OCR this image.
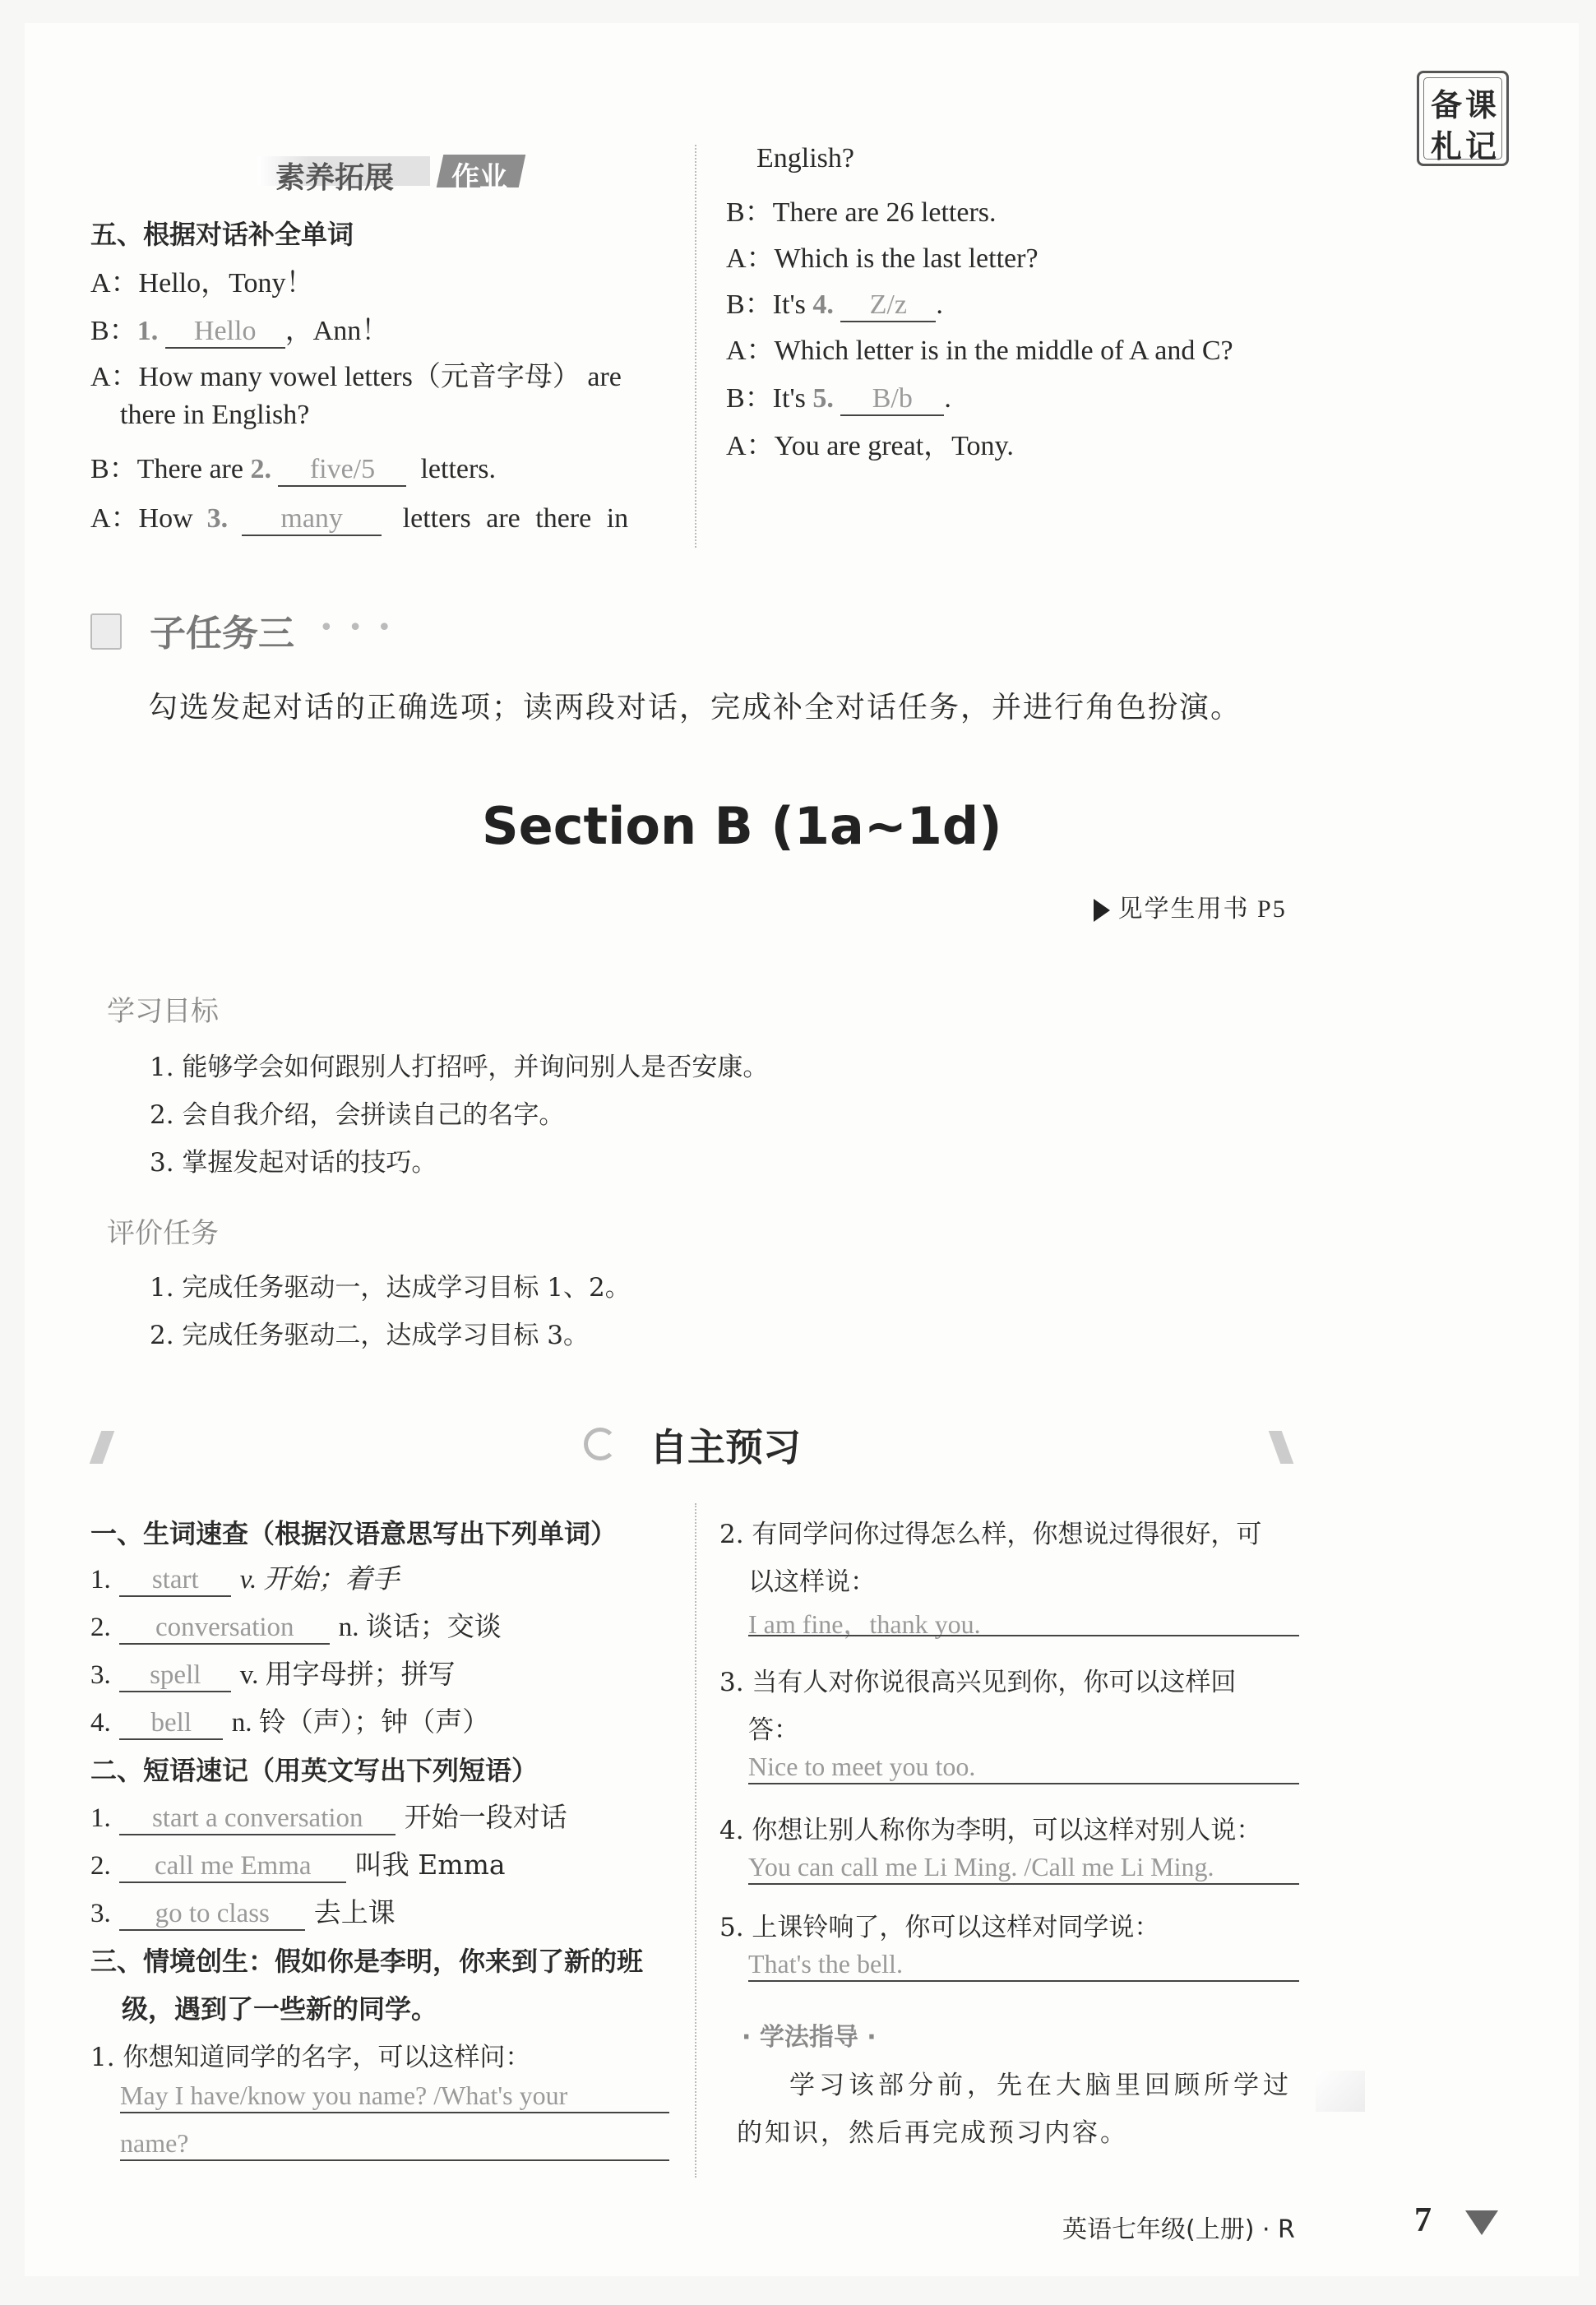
备课
札记
素养拓展 作业
五、根据对话补全单词
A：Hello，Tony！
B：1. Hello ，Ann！
A：How many vowel letters（元音字母） are
there in English?
B：There are 2. five/5 letters.
A：How 3. many letters are there in
English?
B：There are 26 letters.
A：Which is the last letter?
B：It's 4. Z/z .
A：Which letter is in the middle of A and C?
B：It's 5. B/b .
A：You are great，Tony.
子任务三 • • •
勾选发起对话的正确选项；读两段对话，完成补全对话任务，并进行角色扮演。
Section B (1a~1d)
见学生用书 P5
学习目标
1. 能够学会如何跟别人打招呼，并询问别人是否安康。
2. 会自我介绍，会拼读自己的名字。
3. 掌握发起对话的技巧。
评价任务
1. 完成任务驱动一，达成学习目标 1、2。
2. 完成任务驱动二，达成学习目标 3。
自主预习
一、生词速查（根据汉语意思写出下列单词）
1. start v. 开始；着手
2. conversation n. 谈话；交谈
3. spell v. 用字母拼；拼写
4. bell n. 铃（声）；钟（声）
二、短语速记（用英文写出下列短语）
1. start a conversation 开始一段对话
2. call me Emma 叫我 Emma
3. go to class 去上课
三、情境创生：假如你是李明，你来到了新的班
级，遇到了一些新的同学。
1. 你想知道同学的名字，可以这样问：
May I have/know you name? /What's your
name?
2. 有同学问你过得怎么样，你想说过得很好，可
以这样说：
I am fine，thank you.
3. 当有人对你说很高兴见到你，你可以这样回
答：
Nice to meet you too.
4. 你想让别人称你为李明，可以这样对别人说：
You can call me Li Ming. /Call me Li Ming.
5. 上课铃响了，你可以这样对同学说：
That's the bell.
· 学法指导 ·
学习该部分前，先在大脑里回顾所学过
的知识，然后再完成预习内容。
英语七年级(上册) · R	7
